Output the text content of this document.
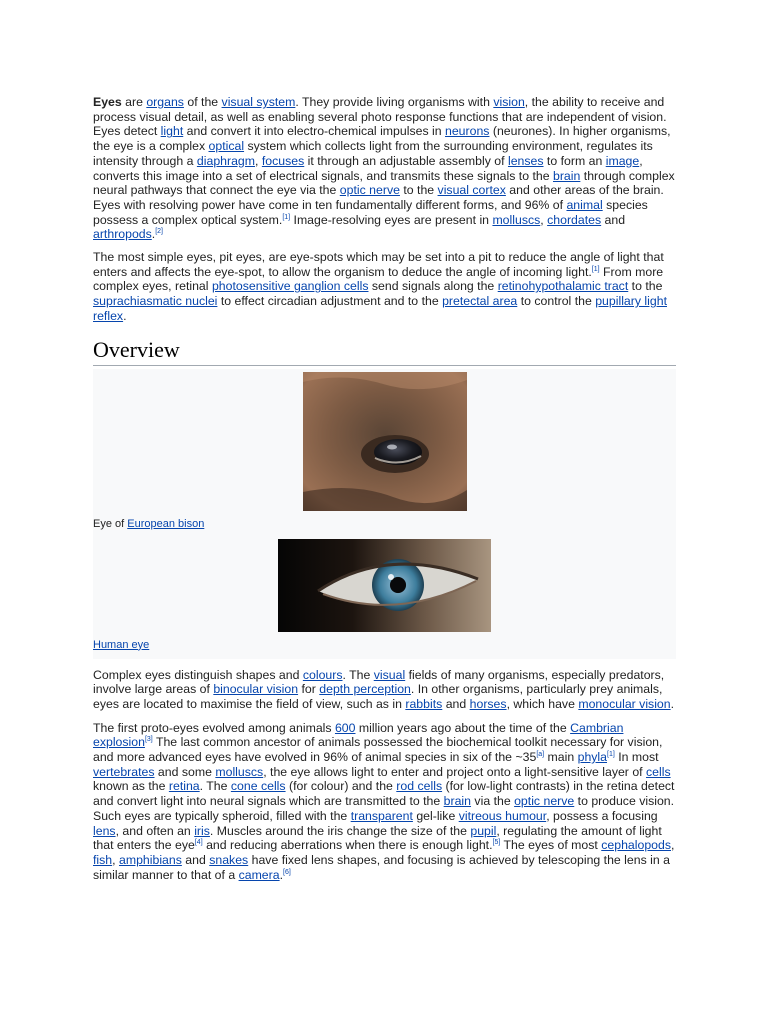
Eyes are organs of the visual system. They provide living organisms with vision, the ability to receive and process visual detail, as well as enabling several photo response functions that are independent of vision. Eyes detect light and convert it into electro-chemical impulses in neurons (neurones). In higher organisms, the eye is a complex optical system which collects light from the surrounding environment, regulates its intensity through a diaphragm, focuses it through an adjustable assembly of lenses to form an image, converts this image into a set of electrical signals, and transmits these signals to the brain through complex neural pathways that connect the eye via the optic nerve to the visual cortex and other areas of the brain. Eyes with resolving power have come in ten fundamentally different forms, and 96% of animal species possess a complex optical system.[1] Image-resolving eyes are present in molluscs, chordates and arthropods.[2]

The most simple eyes, pit eyes, are eye-spots which may be set into a pit to reduce the angle of light that enters and affects the eye-spot, to allow the organism to deduce the angle of incoming light.[1] From more complex eyes, retinal photosensitive ganglion cells send signals along the retinohypothalamic tract to the suprachiasmatic nuclei to effect circadian adjustment and to the pretectal area to control the pupillary light reflex.

Overview
Eye of European bison
Human eye

Complex eyes distinguish shapes and colours. The visual fields of many organisms, especially predators, involve large areas of binocular vision for depth perception. In other organisms, particularly prey animals, eyes are located to maximise the field of view, such as in rabbits and horses, which have monocular vision.

The first proto-eyes evolved among animals 600 million years ago about the time of the Cambrian explosion[3] The last common ancestor of animals possessed the biochemical toolkit necessary for vision, and more advanced eyes have evolved in 96% of animal species in six of the ~35[a] main phyla[1] In most vertebrates and some molluscs, the eye allows light to enter and project onto a light-sensitive layer of cells known as the retina. The cone cells (for colour) and the rod cells (for low-light contrasts) in the retina detect and convert light into neural signals which are transmitted to the brain via the optic nerve to produce vision. Such eyes are typically spheroid, filled with the transparent gel-like vitreous humour, possess a focusing lens, and often an iris. Muscles around the iris change the size of the pupil, regulating the amount of light that enters the eye[4] and reducing aberrations when there is enough light.[5] The eyes of most cephalopods, fish, amphibians and snakes have fixed lens shapes, and focusing is achieved by telescoping the lens in a similar manner to that of a camera.[6]
